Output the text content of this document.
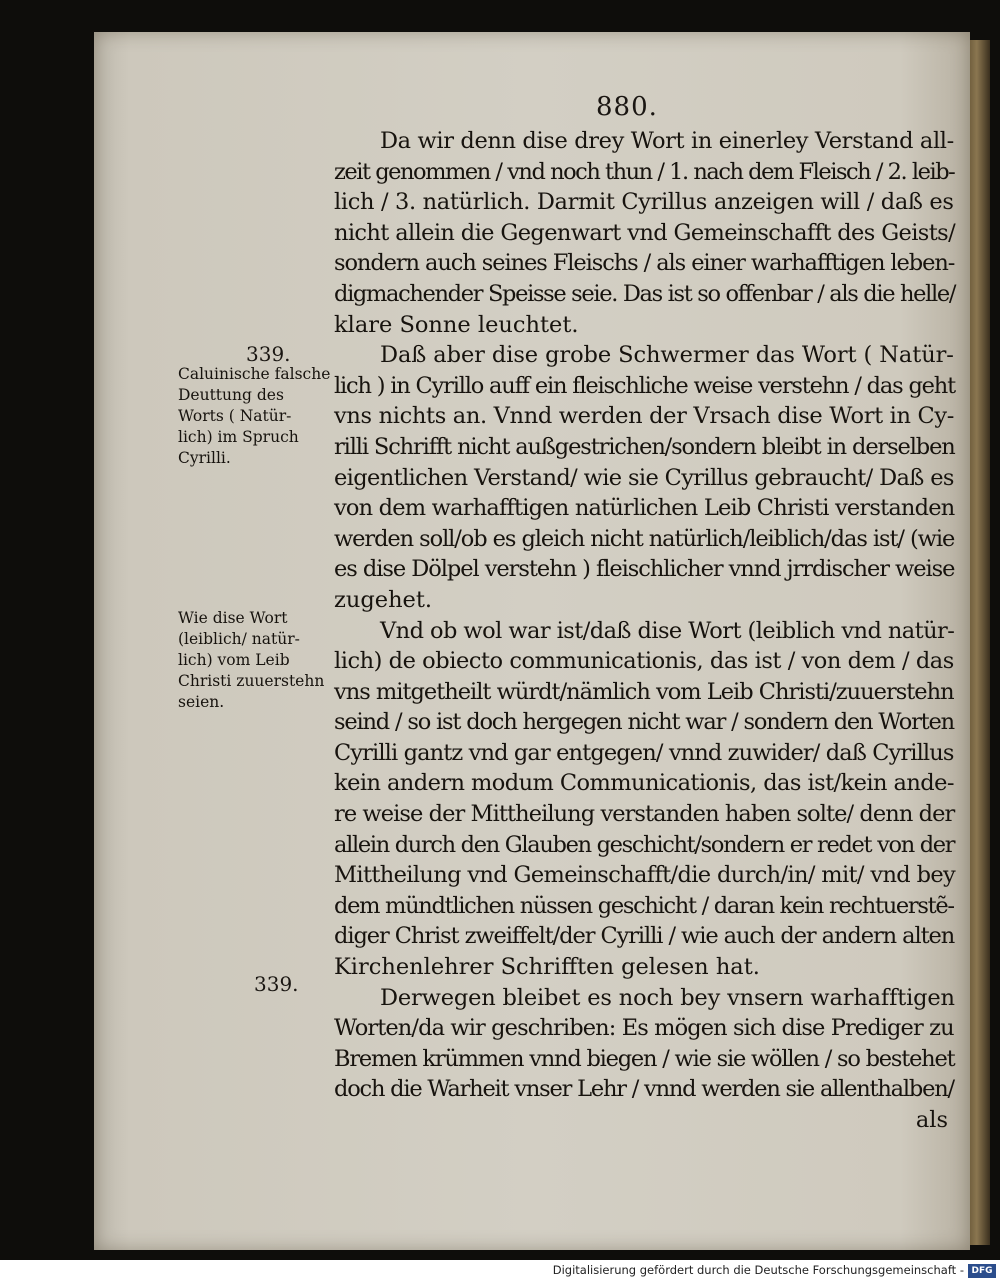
880.
339.
Caluinische falsche
Deuttung des
Worts ( Natür-
lich) im Spruch
Cyrilli.
Wie dise Wort
(leiblich/ natür-
lich) vom Leib
Christi zuuerstehn
seien.
339.
Da wir denn dise drey Wort in einerley Verstand all-
zeit genommen / vnd noch thun / 1. nach dem Fleisch / 2. leib-
lich / 3. natürlich. Darmit Cyrillus anzeigen will / daß es
nicht allein die Gegenwart vnd Gemeinschafft des Geists/
sondern auch seines Fleischs / als einer warhafftigen leben-
digmachender Speisse seie. Das ist so offenbar / als die helle/
klare Sonne leuchtet.
Daß aber dise grobe Schwermer das Wort ( Natür-
lich ) in Cyrillo auff ein fleischliche weise verstehn / das geht
vns nichts an. Vnnd werden der Vrsach dise Wort in Cy-
rilli Schrifft nicht außgestrichen/sondern bleibt in derselben
eigentlichen Verstand/ wie sie Cyrillus gebraucht/ Daß es
von dem warhafftigen natürlichen Leib Christi verstanden
werden soll/ob es gleich nicht natürlich/leiblich/das ist/ (wie
es dise Dölpel verstehn ) fleischlicher vnnd jrrdischer weise
zugehet.
Vnd ob wol war ist/daß dise Wort (leiblich vnd natür-
lich) de obiecto communicationis, das ist / von dem / das
vns mitgetheilt würdt/nämlich vom Leib Christi/zuuerstehn
seind / so ist doch hergegen nicht war / sondern den Worten
Cyrilli gantz vnd gar entgegen/ vnnd zuwider/ daß Cyrillus
kein andern modum Communicationis, das ist/kein ande-
re weise der Mittheilung verstanden haben solte/ denn der
allein durch den Glauben geschicht/sondern er redet von der
Mittheilung vnd Gemeinschafft/die durch/in/ mit/ vnd bey
dem mündtlichen nüssen geschicht / daran kein rechtuerstẽ-
diger Christ zweiffelt/der Cyrilli / wie auch der andern alten
Kirchenlehrer Schrifften gelesen hat.
Derwegen bleibet es noch bey vnsern warhafftigen
Worten/da wir geschriben: Es mögen sich dise Prediger zu
Bremen krümmen vnnd biegen / wie sie wöllen / so bestehet
doch die Warheit vnser Lehr / vnnd werden sie allenthalben/
als
Digitalisierung gefördert durch die Deutsche Forschungsgemeinschaft - DFG
